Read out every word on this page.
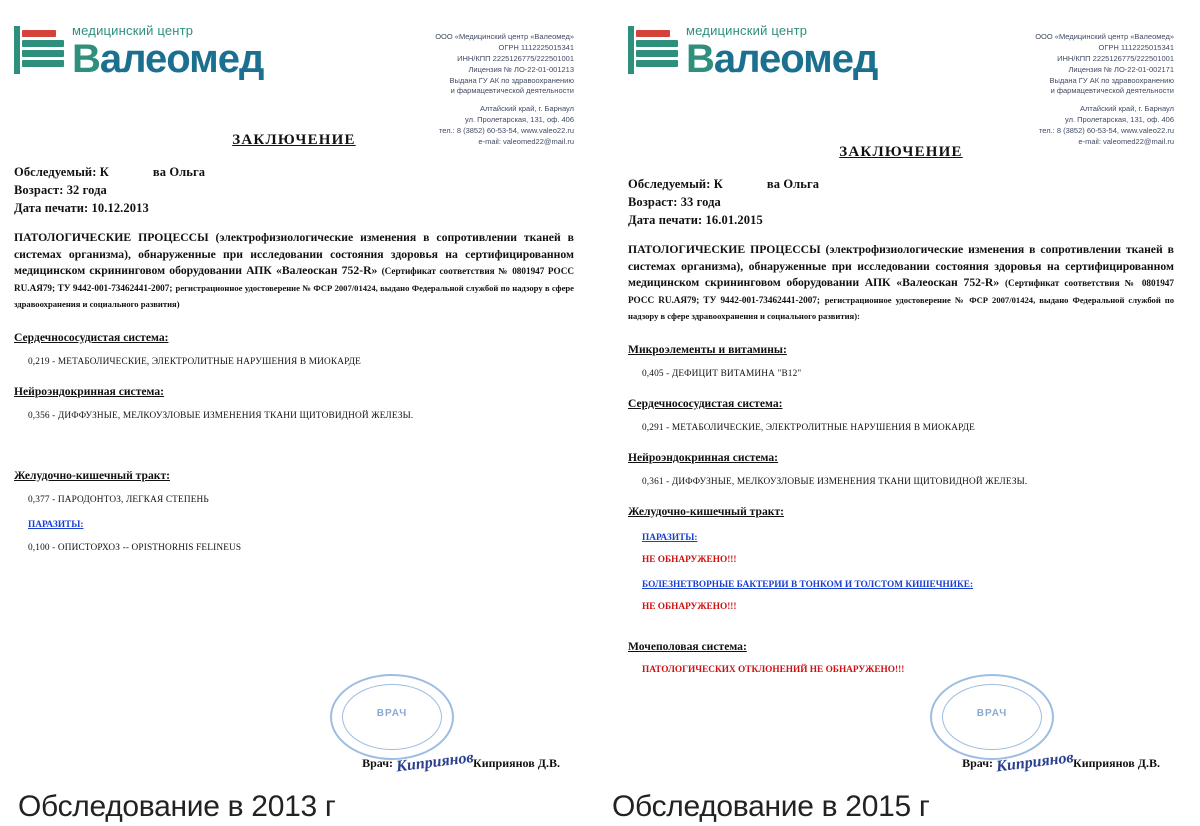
медицинский центр
Валеомед
ООО «Медицинский центр «Валеомед»
ОГРН 1112225015341
ИНН/КПП 2225126775/222501001
Лицензия № ЛО-22-01-001213
Выдана ГУ АК по здравоохранению
и фармацевтической деятельности
Алтайский край, г. Барнаул
ул. Пролетарская, 131, оф. 406
тел.: 8 (3852) 60-53-54, www.valeo22.ru
e-mail: valeomed22@mail.ru
ЗАКЛЮЧЕНИЕ
Обследуемый: К	ва Ольга
Возраст: 32 года
Дата печати: 10.12.2013
ПАТОЛОГИЧЕСКИЕ ПРОЦЕССЫ (электрофизиологические изменения в сопротивлении тканей в системах организма), обнаруженные при исследовании состояния здоровья на сертифицированном медицинском скрининговом оборудовании АПК «Валеоскан 752-R» (Сертификат соответствия № 0801947 РОСС RU.АЯ79; ТУ 9442-001-73462441-2007; регистрационное удостоверение № ФСР 2007/01424, выдано Федеральной службой по надзору в сфере здравоохранения и социального развития)
Сердечнососудистая система:
0,219 - МЕТАБОЛИЧЕСКИЕ, ЭЛЕКТРОЛИТНЫЕ НАРУШЕНИЯ В МИОКАРДЕ
Нейроэндокринная система:
0,356 - ДИФФУЗНЫЕ, МЕЛКОУЗЛОВЫЕ ИЗМЕНЕНИЯ ТКАНИ ЩИТОВИДНОЙ ЖЕЛЕЗЫ.
Желудочно-кишечный тракт:
0,377 - ПАРОДОНТОЗ, ЛЕГКАЯ СТЕПЕНЬ
ПАРАЗИТЫ:
0,100 - ОПИСТОРХОЗ -- OPISTHORHIS FELINEUS
ВРАЧ
Врач: Киприянов Киприянов Д.В.
Обследование в 2013 г
медицинский центр
Валеомед
ООО «Медицинский центр «Валеомед»
ОГРН 1112225015341
ИНН/КПП 2225126775/222501001
Лицензия № ЛО-22-01-002171
Выдана ГУ АК по здравоохранению
и фармацевтической деятельности
Алтайский край, г. Барнаул
ул. Пролетарская, 131, оф. 406
тел.: 8 (3852) 60-53-54, www.valeo22.ru
e-mail: valeomed22@mail.ru
ЗАКЛЮЧЕНИЕ
Обследуемый: К	ва Ольга
Возраст: 33 года
Дата печати: 16.01.2015
ПАТОЛОГИЧЕСКИЕ ПРОЦЕССЫ (электрофизиологические изменения в сопротивлении тканей в системах организма), обнаруженные при исследовании состояния здоровья на сертифицированном медицинском скрининговом оборудовании АПК «Валеоскан 752-R» (Сертификат соответствия № 0801947 РОСС RU.АЯ79; ТУ 9442-001-73462441-2007; регистрационное удостоверение № ФСР 2007/01424, выдано Федеральной службой по надзору в сфере здравоохранения и социального развития):
Микроэлементы и витамины:
0,405 - ДЕФИЦИТ ВИТАМИНА "B12"
Сердечнососудистая система:
0,291 - МЕТАБОЛИЧЕСКИЕ, ЭЛЕКТРОЛИТНЫЕ НАРУШЕНИЯ В МИОКАРДЕ
Нейроэндокринная система:
0,361 - ДИФФУЗНЫЕ, МЕЛКОУЗЛОВЫЕ ИЗМЕНЕНИЯ ТКАНИ ЩИТОВИДНОЙ ЖЕЛЕЗЫ.
Желудочно-кишечный тракт:
ПАРАЗИТЫ:
НЕ ОБНАРУЖЕНО!!!
БОЛЕЗНЕТВОРНЫЕ БАКТЕРИИ В ТОНКОМ И ТОЛСТОМ КИШЕЧНИКЕ:
НЕ ОБНАРУЖЕНО!!!
Мочеполовая система:
ПАТОЛОГИЧЕСКИХ ОТКЛОНЕНИЙ НЕ ОБНАРУЖЕНО!!!
ВРАЧ
Врач: Киприянов Киприянов Д.В.
Обследование в 2015 г
